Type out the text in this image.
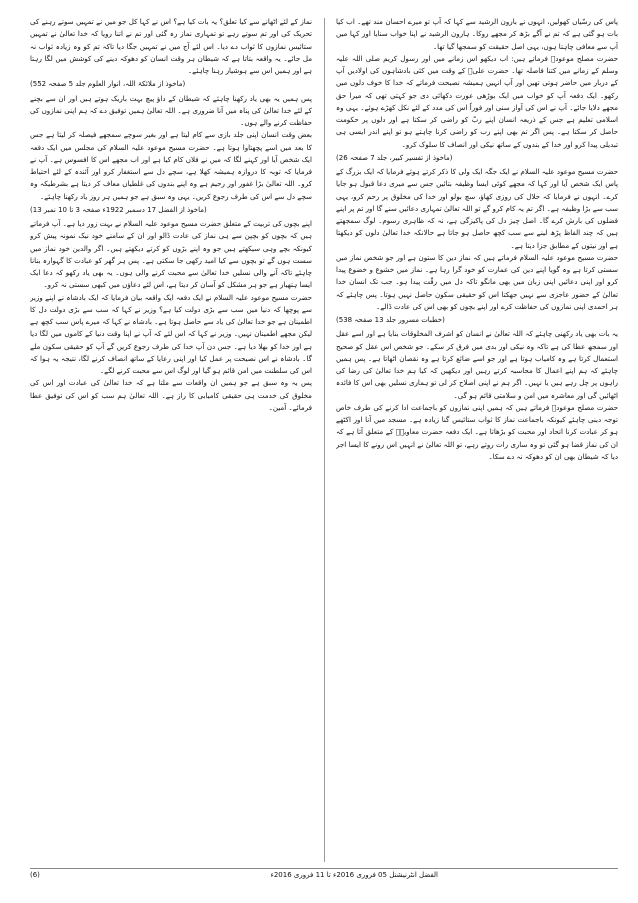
پاس کی رسّیاں کھولیں، انہوں نے بارون الرشید سے کہا کہ آپ تو میرے احسان مند تھے۔ اب کیا بات ہو گئی ہے کہ تم نے آگے بڑھ کر مجھے روکا۔ ہارون الرشید نے اپنا خواب سنایا اور کہا میں آپ سے معافی چاہتا ہوں، یہی اصل حقیقت کو سمجھا گیا تھا۔

حضرت مصلح موعودؓ فرماتے ہیں: اب دیکھو اس زمانے میں اور رسول کریم صلی اللہ علیہ وسلم کے زمانے میں کتنا فاصلہ تھا۔ حضرت علیؓ کے وقت میں کئی بادشاہوں کی اولادیں آپ کے دربار میں حاضر ہوتی تھیں اور آپ انہیں ہمیشہ نصیحت فرماتے کہ خدا کا خوف دلوں میں رکھو۔ ایک دفعہ آپ کو خواب میں ایک بوڑھی عورت دکھائی دی جو کہتی تھی کہ میرا حق مجھے دلایا جائے۔ آپ نے اس کی آواز سنی اور فوراً اس کی مدد کے لئے نکل کھڑے ہوئے۔ یہی وہ اسلامی تعلیم ہے جس کے ذریعہ انسان اپنے ربّ کو راضی کر سکتا ہے اور دلوں پر حکومت حاصل کر سکتا ہے۔ پس اگر تم بھی اپنے رب کو راضی کرنا چاہتے ہو تو اپنے اندر ایسی ہی تبدیلی پیدا کرو اور خدا کے بندوں کے ساتھ نیکی اور انصاف کا سلوک کرو۔

(ماخوذ از تفسیر کبیر، جلد 7 صفحہ 26)

حضرت مسیح موعود علیہ السلام نے ایک جگہ ایک ولی کا ذکر کرتے ہوئے فرمایا کہ ایک بزرگ کے پاس ایک شخص آیا اور کہا کہ مجھے کوئی ایسا وظیفہ بتائیں جس سے میری دعا قبول ہو جایا کرے۔ انہوں نے فرمایا کہ حلال کی روزی کھاؤ، سچ بولو اور خدا کی مخلوق پر رحم کرو، یہی سب سے بڑا وظیفہ ہے۔ اگر تم یہ کام کرو گے تو اللہ تعالیٰ تمہاری دعائیں سنے گا اور تم پر اپنے فضلوں کی بارش کرے گا۔ اصل چیز دل کی پاکیزگی ہے، نہ کہ ظاہری رسوم۔ لوگ سمجھتے ہیں کہ چند الفاظ پڑھ لینے سے سب کچھ حاصل ہو جاتا ہے حالانکہ خدا تعالیٰ دلوں کو دیکھتا ہے اور نیتوں کے مطابق جزا دیتا ہے۔

حضرت مسیح موعود علیہ السلام فرماتے ہیں کہ نماز دین کا ستون ہے اور جو شخص نماز میں سستی کرتا ہے وہ گویا اپنے دین کی عمارت کو خود گرا رہا ہے۔ نماز میں خشوع و خضوع پیدا کرو اور اپنی دعائیں اپنی زبان میں بھی مانگو تاکہ دل میں رقّت پیدا ہو۔ جب تک انسان خدا تعالیٰ کے حضور عاجزی سے نہیں جھکتا اس کو حقیقی سکون حاصل نہیں ہوتا۔ پس چاہئے کہ ہر احمدی اپنی نمازوں کی حفاظت کرے اور اپنے بچوں کو بھی اس کی عادت ڈالے۔

(خطبات مسرور جلد 13 صفحہ 538)

یہ بات بھی یاد رکھنی چاہئے کہ اللہ تعالیٰ نے انسان کو اشرف المخلوقات بنایا ہے اور اسے عقل اور سمجھ عطا کی ہے تاکہ وہ نیکی اور بدی میں فرق کر سکے۔ جو شخص اس عقل کو صحیح استعمال کرتا ہے وہ کامیاب ہوتا ہے اور جو اسے ضائع کرتا ہے وہ نقصان اٹھاتا ہے۔ پس ہمیں چاہئے کہ ہم اپنے اعمال کا محاسبہ کرتے رہیں اور دیکھیں کہ کیا ہم خدا تعالیٰ کی رضا کی راہوں پر چل رہے ہیں یا نہیں۔ اگر ہم نے اپنی اصلاح کر لی تو ہماری نسلیں بھی اس کا فائدہ اٹھائیں گی اور معاشرہ میں امن و سلامتی قائم ہو گی۔

حضرت مصلح موعودؓ فرماتے ہیں کہ ہمیں اپنی نمازوں کو باجماعت ادا کرنے کی طرف خاص توجہ دینی چاہئے کیونکہ باجماعت نماز کا ثواب ستائیس گنا زیادہ ہے۔ مسجد میں آنا اور اکٹھے ہو کر عبادت کرنا اتحاد اور محبت کو بڑھاتا ہے۔ ایک دفعہ حضرت معاویہؓ کے متعلق آتا ہے کہ ان کی نماز قضا ہو گئی تو وہ ساری رات روتے رہے، تو اللہ تعالیٰ نے انہیں اس رونے کا ایسا اجر دیا کہ شیطان بھی ان کو دھوکہ نہ دے سکا۔

نماز کے لئے اٹھانے سے کیا تعلق؟ یہ بات کیا ہے؟ اس نے کہا کل جو میں نے تمہیں سوتے رہنے کی تحریک کی اور تم سوتے رہے تو تمہاری نماز رہ گئی اور تم نے اتنا رویا کہ خدا تعالیٰ نے تمہیں ستائیس نمازوں کا ثواب دے دیا۔ اس لئے آج میں نے تمہیں جگا دیا تاکہ تم کو وہ زیادہ ثواب نہ مل جائے۔ یہ واقعہ بتاتا ہے کہ شیطان ہر وقت انسان کو دھوکہ دینے کی کوشش میں لگا رہتا ہے اور ہمیں اس سے ہوشیار رہنا چاہئے۔

(ماخوذ از ملائکۃ اللہ، انوار العلوم جلد 5 صفحہ 552)

پس ہمیں یہ بھی یاد رکھنا چاہئے کہ شیطان کے داؤ پیچ بہت باریک ہوتے ہیں اور ان سے بچنے کے لئے خدا تعالیٰ کی پناہ میں آنا ضروری ہے۔ اللہ تعالیٰ ہمیں توفیق دے کہ ہم اپنی نمازوں کی حفاظت کرنے والے ہوں۔

بعض وقت انسان اپنی جلد بازی سے کام لیتا ہے اور بغیر سوچے سمجھے فیصلہ کر لیتا ہے جس کا بعد میں اسے پچھتاوا ہوتا ہے۔ حضرت مسیح موعود علیہ السلام کی مجلس میں ایک دفعہ ایک شخص آیا اور کہنے لگا کہ میں نے فلاں کام کیا ہے اور اب مجھے اس کا افسوس ہے۔ آپ نے فرمایا کہ توبہ کا دروازہ ہمیشہ کھلا ہے، سچے دل سے استغفار کرو اور آئندہ کے لئے احتیاط کرو۔ اللہ تعالیٰ بڑا غفور اور رحیم ہے وہ اپنے بندوں کی غلطیاں معاف کر دیتا ہے بشرطیکہ وہ سچے دل سے اس کی طرف رجوع کریں۔ یہی وہ سبق ہے جو ہمیں ہر روز یاد رکھنا چاہئے۔

(ماخوذ از الفضل 17 دسمبر 1922ء صفحہ 3 تا 10 نمبر 13)

اپنے بچوں کی تربیت کے متعلق حضرت مسیح موعود علیہ السلام نے بہت زور دیا ہے۔ آپ فرماتے ہیں کہ بچوں کو بچپن سے ہی نماز کی عادت ڈالو اور ان کے سامنے خود نیک نمونہ پیش کرو کیونکہ بچے وہی سیکھتے ہیں جو وہ اپنے بڑوں کو کرتے دیکھتے ہیں۔ اگر والدین خود نماز میں سست ہوں گے تو بچوں سے کیا امید رکھی جا سکتی ہے۔ پس ہر گھر کو عبادت کا گہوارہ بنانا چاہئے تاکہ آنے والی نسلیں خدا تعالیٰ سے محبت کرنے والی ہوں۔ یہ بھی یاد رکھو کہ دعا ایک ایسا ہتھیار ہے جو ہر مشکل کو آسان کر دیتا ہے، اس لئے دعاؤں میں کبھی سستی نہ کرو۔

حضرت مسیح موعود علیہ السلام نے ایک دفعہ ایک واقعہ بیان فرمایا کہ ایک بادشاہ نے اپنے وزیر سے پوچھا کہ دنیا میں سب سے بڑی دولت کیا ہے؟ وزیر نے کہا کہ سب سے بڑی دولت دل کا اطمینان ہے جو خدا تعالیٰ کی یاد سے حاصل ہوتا ہے۔ بادشاہ نے کہا کہ میرے پاس سب کچھ ہے لیکن مجھے اطمینان نہیں۔ وزیر نے کہا کہ اس لئے کہ آپ نے اپنا وقت دنیا کے کاموں میں لگا دیا ہے اور خدا کو بھلا دیا ہے۔ جس دن آپ خدا کی طرف رجوع کریں گے آپ کو حقیقی سکون ملے گا۔ بادشاہ نے اس نصیحت پر عمل کیا اور اپنی رعایا کے ساتھ انصاف کرنے لگا، نتیجہ یہ ہوا کہ اس کی سلطنت میں امن قائم ہو گیا اور لوگ اس سے محبت کرنے لگے۔

پس یہ وہ سبق ہے جو ہمیں ان واقعات سے ملتا ہے کہ خدا تعالیٰ کی عبادت اور اس کی مخلوق کی خدمت ہی حقیقی کامیابی کا راز ہے۔ اللہ تعالیٰ ہم سب کو اس کی توفیق عطا فرمائے۔ آمین۔

الفضل انٹرنیشنل 05 فروری 2016ء تا 11 فروری 2016ء
(6)
